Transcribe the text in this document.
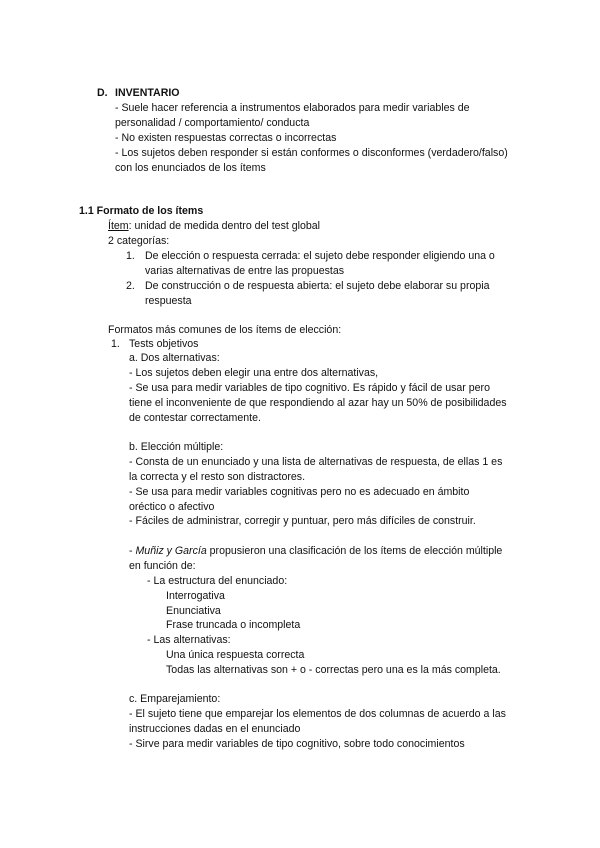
D. INVENTARIO
- Suele hacer referencia a instrumentos elaborados para medir variables de
personalidad / comportamiento/ conducta
- No existen respuestas correctas o incorrectas
- Los sujetos deben responder si están conformes o disconformes (verdadero/falso)
con los enunciados de los ítems
1.1 Formato de los ítems
Ítem: unidad de medida dentro del test global
2 categorías:
1. De elección o respuesta cerrada: el sujeto debe responder eligiendo una o
varias alternativas de entre las propuestas
2. De construcción o de respuesta abierta: el sujeto debe elaborar su propia
respuesta
Formatos más comunes de los ítems de elección:
1. Tests objetivos
a. Dos alternativas:
- Los sujetos deben elegir una entre dos alternativas,
- Se usa para medir variables de tipo cognitivo. Es rápido y fácil de usar pero
tiene el inconveniente de que respondiendo al azar hay un 50% de posibilidades
de contestar correctamente.
b. Elección múltiple:
- Consta de un enunciado y una lista de alternativas de respuesta, de ellas 1 es
la correcta y el resto son distractores.
- Se usa para medir variables cognitivas pero no es adecuado en ámbito
oréctico o afectivo
- Fáciles de administrar, corregir y puntuar, pero más difíciles de construir.
- Muñiz y García propusieron una clasificación de los ítems de elección múltiple
en función de:
- La estructura del enunciado:
Interrogativa
Enunciativa
Frase truncada o incompleta
- Las alternativas:
Una única respuesta correcta
Todas las alternativas son + o - correctas pero una es la más completa.
c. Emparejamiento:
- El sujeto tiene que emparejar los elementos de dos columnas de acuerdo a las
instrucciones dadas en el enunciado
- Sirve para medir variables de tipo cognitivo, sobre todo conocimientos
